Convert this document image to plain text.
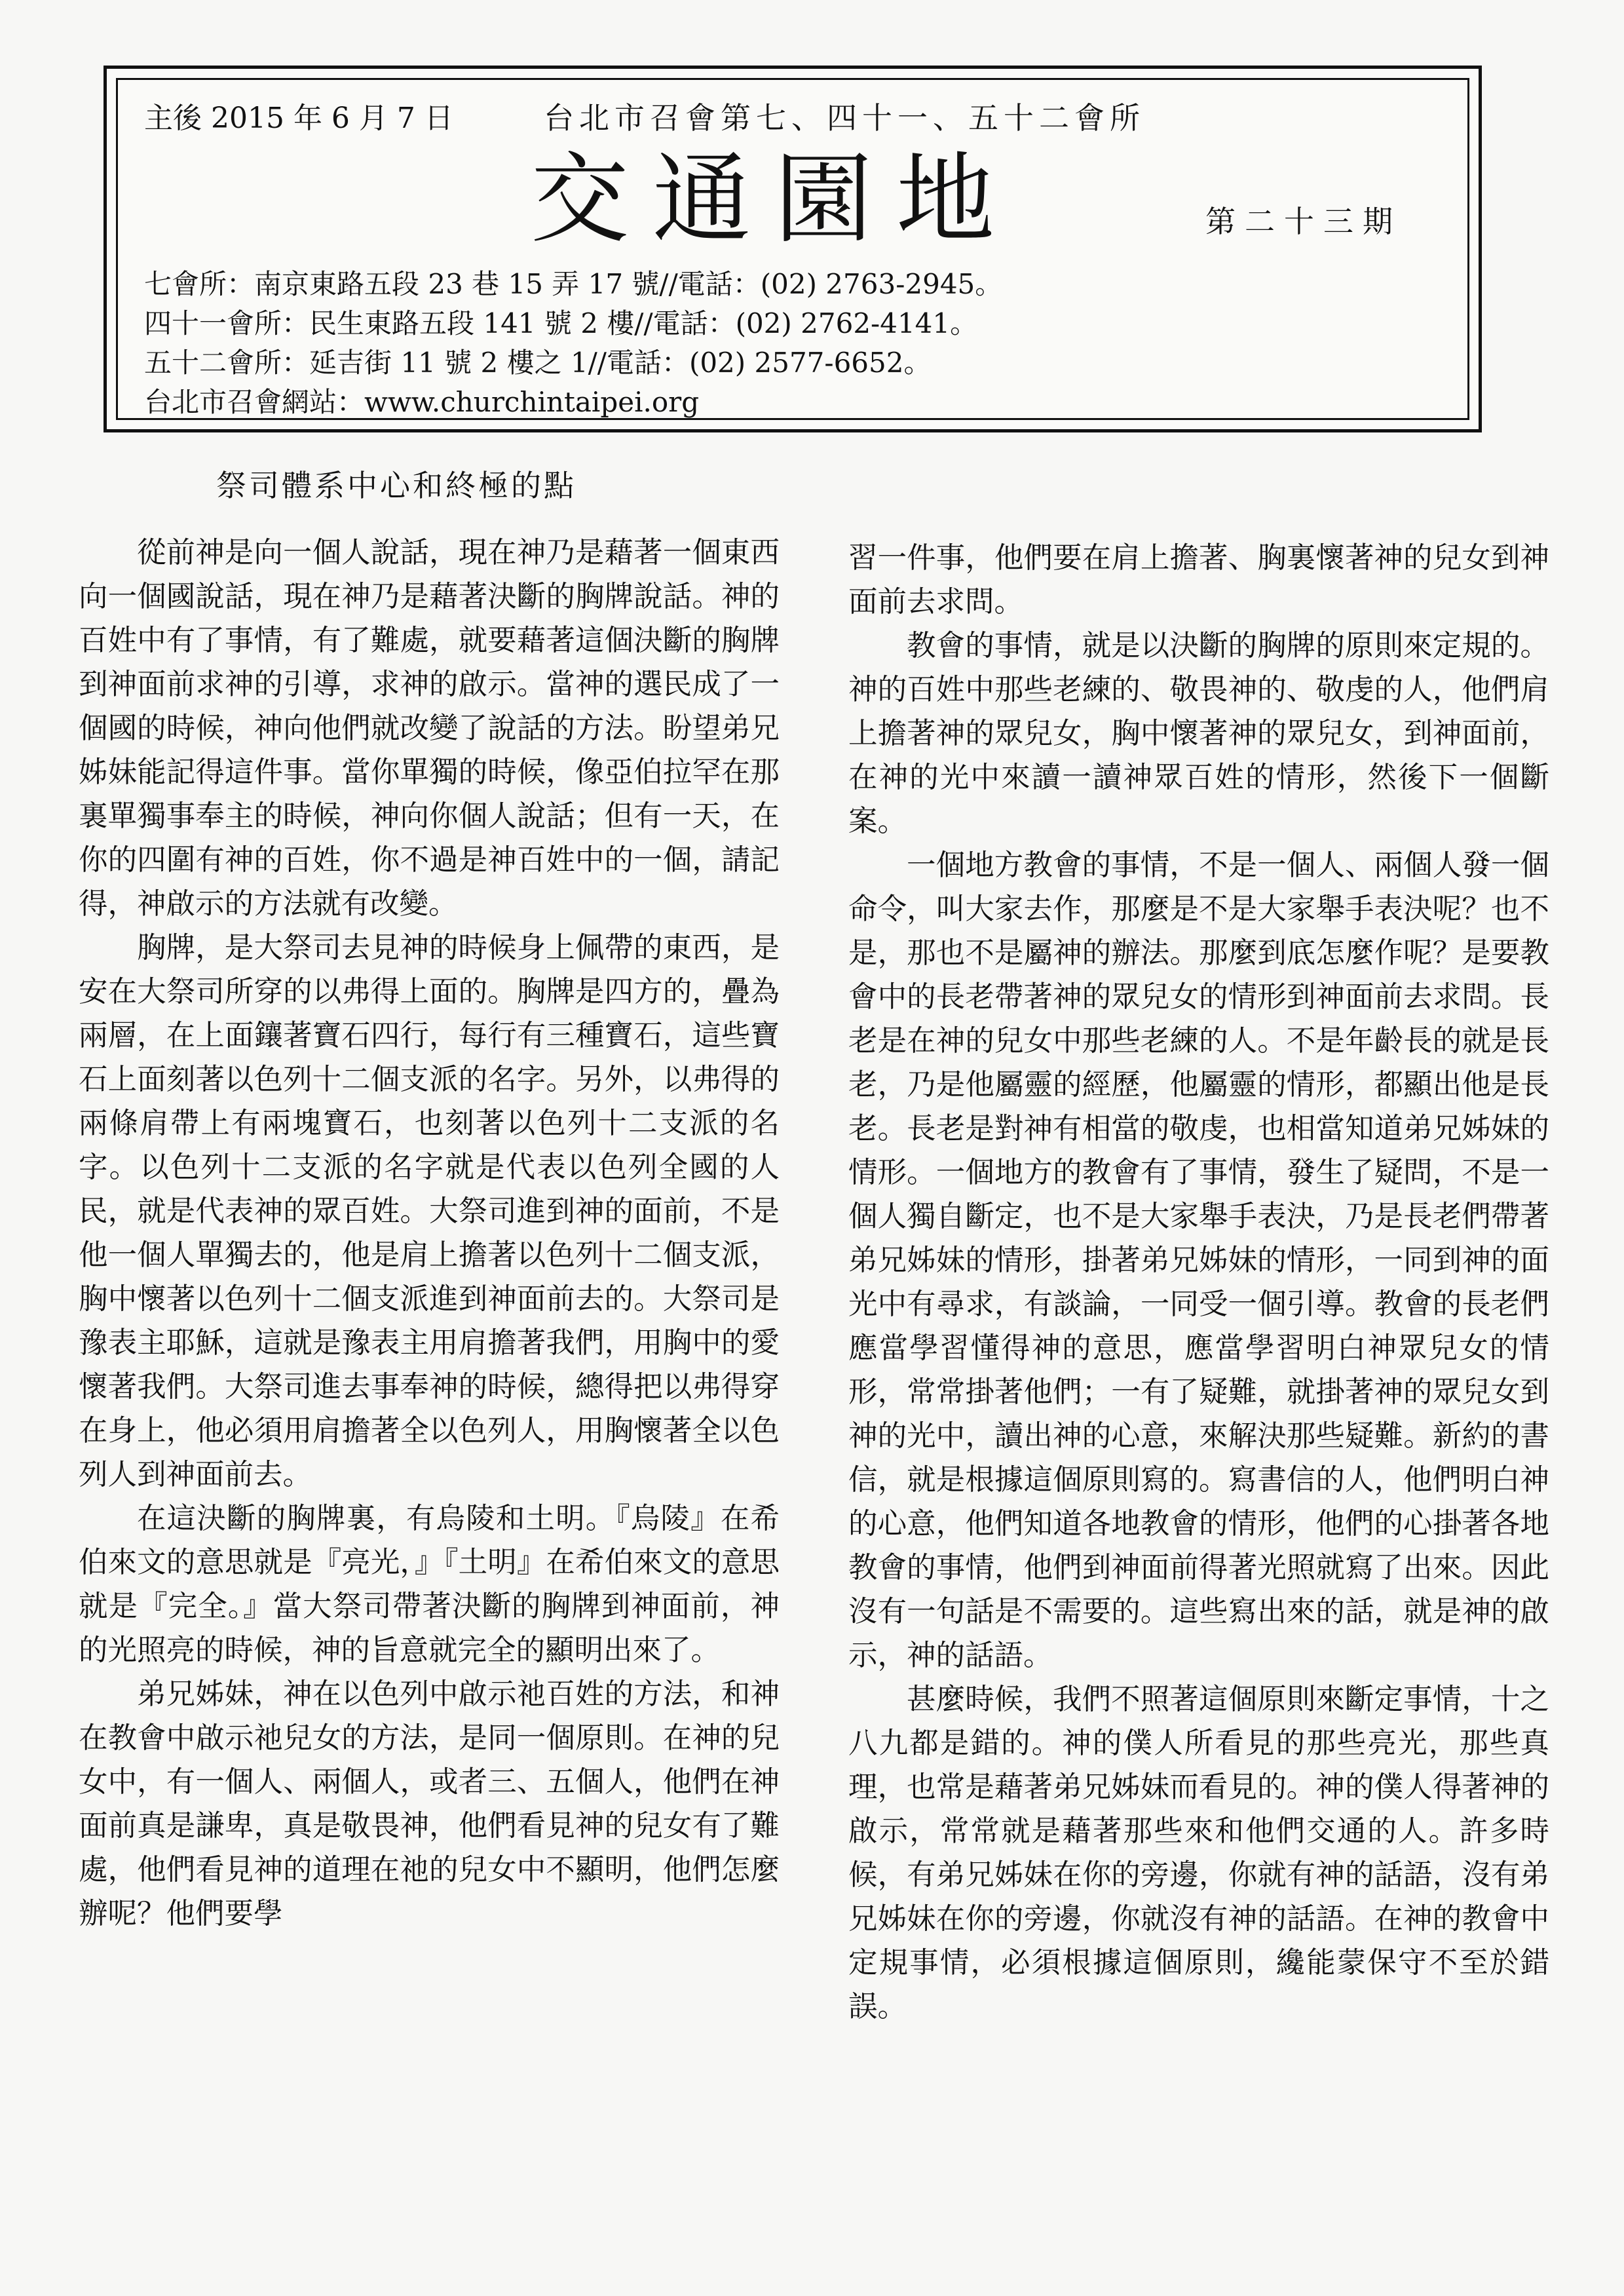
主後 2015 年 6 月 7 日	台北市召會第七、四十一、五十二會所
交通園地	第二十三期
七會所：南京東路五段 23 巷 15 弄 17 號//電話：(02) 2763-2945。
四十一會所：民生東路五段 141 號 2 樓//電話：(02) 2762-4141。
五十二會所：延吉街 11 號 2 樓之 1//電話：(02) 2577-6652。
台北市召會網站：www.churchintaipei.org
祭司體系中心和終極的點

從前神是向一個人說話，現在神乃是藉著一個東西向一個國說話，現在神乃是藉著決斷的胸牌說話。神的百姓中有了事情，有了難處，就要藉著這個決斷的胸牌到神面前求神的引導，求神的啟示。當神的選民成了一個國的時候，神向他們就改變了說話的方法。盼望弟兄姊妹能記得這件事。當你單獨的時候，像亞伯拉罕在那裏單獨事奉主的時候，神向你個人說話；但有一天，在你的四圍有神的百姓，你不過是神百姓中的一個，請記得，神啟示的方法就有改變。

胸牌，是大祭司去見神的時候身上佩帶的東西，是安在大祭司所穿的以弗得上面的。胸牌是四方的，疊為兩層，在上面鑲著寶石四行，每行有三種寶石，這些寶石上面刻著以色列十二個支派的名字。另外，以弗得的兩條肩帶上有兩塊寶石，也刻著以色列十二支派的名字。以色列十二支派的名字就是代表以色列全國的人民，就是代表神的眾百姓。大祭司進到神的面前，不是他一個人單獨去的，他是肩上擔著以色列十二個支派，胸中懷著以色列十二個支派進到神面前去的。大祭司是豫表主耶穌，這就是豫表主用肩擔著我們，用胸中的愛懷著我們。大祭司進去事奉神的時候，總得把以弗得穿在身上，他必須用肩擔著全以色列人，用胸懷著全以色列人到神面前去。

在這決斷的胸牌裏，有烏陵和土明。『烏陵』在希伯來文的意思就是『亮光，』『土明』在希伯來文的意思就是『完全。』當大祭司帶著決斷的胸牌到神面前，神的光照亮的時候，神的旨意就完全的顯明出來了。

弟兄姊妹，神在以色列中啟示祂百姓的方法，和神在教會中啟示祂兒女的方法，是同一個原則。在神的兒女中，有一個人、兩個人，或者三、五個人，他們在神面前真是謙卑，真是敬畏神，他們看見神的兒女有了難處，他們看見神的道理在祂的兒女中不顯明，他們怎麼辦呢？他們要學

習一件事，他們要在肩上擔著、胸裏懷著神的兒女到神面前去求問。

教會的事情，就是以決斷的胸牌的原則來定規的。神的百姓中那些老練的、敬畏神的、敬虔的人，他們肩上擔著神的眾兒女，胸中懷著神的眾兒女，到神面前，在神的光中來讀一讀神眾百姓的情形，然後下一個斷案。

一個地方教會的事情，不是一個人、兩個人發一個命令，叫大家去作，那麼是不是大家舉手表決呢？也不是，那也不是屬神的辦法。那麼到底怎麼作呢？是要教會中的長老帶著神的眾兒女的情形到神面前去求問。長老是在神的兒女中那些老練的人。不是年齡長的就是長老，乃是他屬靈的經歷，他屬靈的情形，都顯出他是長老。長老是對神有相當的敬虔，也相當知道弟兄姊妹的情形。一個地方的教會有了事情，發生了疑問，不是一個人獨自斷定，也不是大家舉手表決，乃是長老們帶著弟兄姊妹的情形，掛著弟兄姊妹的情形，一同到神的面光中有尋求，有談論，一同受一個引導。教會的長老們應當學習懂得神的意思，應當學習明白神眾兒女的情形，常常掛著他們；一有了疑難，就掛著神的眾兒女到神的光中，讀出神的心意，來解決那些疑難。新約的書信，就是根據這個原則寫的。寫書信的人，他們明白神的心意，他們知道各地教會的情形，他們的心掛著各地教會的事情，他們到神面前得著光照就寫了出來。因此沒有一句話是不需要的。這些寫出來的話，就是神的啟示，神的話語。

甚麼時候，我們不照著這個原則來斷定事情，十之八九都是錯的。神的僕人所看見的那些亮光，那些真理，也常是藉著弟兄姊妹而看見的。神的僕人得著神的啟示，常常就是藉著那些來和他們交通的人。許多時候，有弟兄姊妹在你的旁邊，你就有神的話語，沒有弟兄姊妹在你的旁邊，你就沒有神的話語。在神的教會中定規事情，必須根據這個原則，纔能蒙保守不至於錯誤。
